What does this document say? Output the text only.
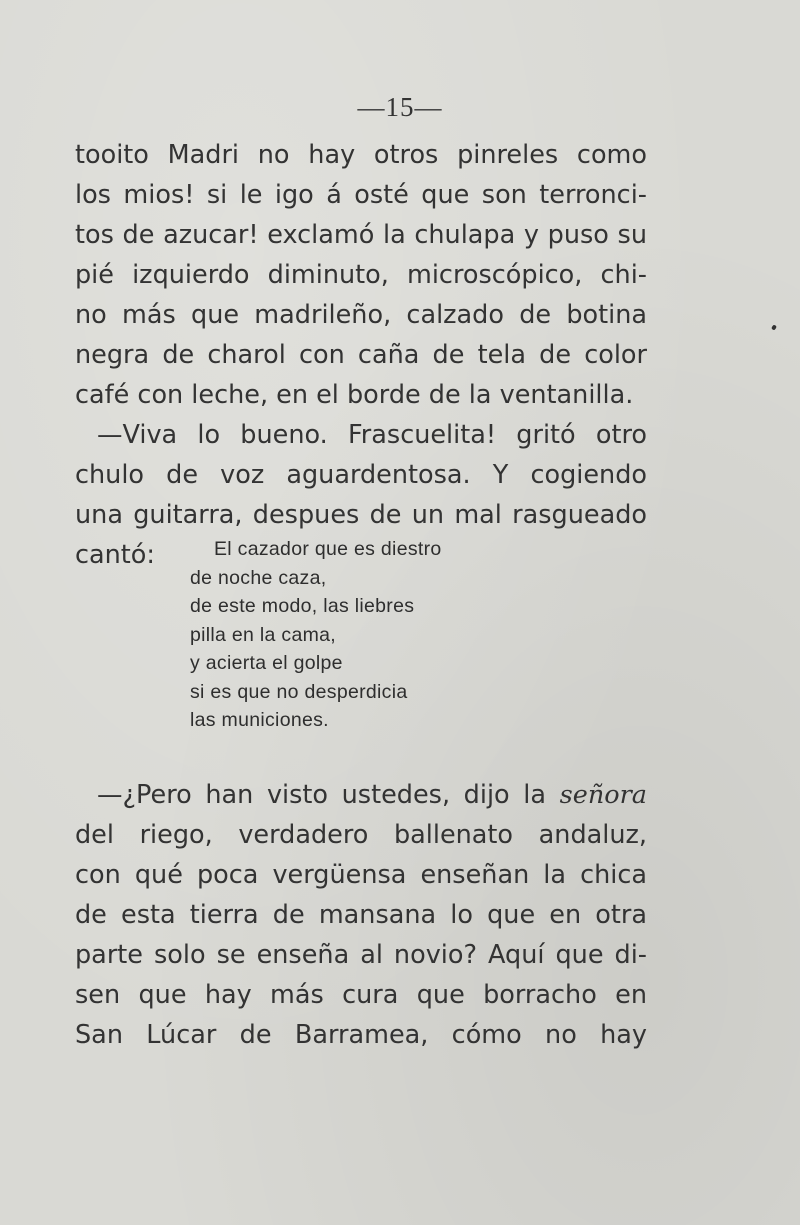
—15—
tooito Madri no hay otros pinreles como
los mios! si le igo á osté que son terronci-
tos de azucar! exclamó la chulapa y puso su
pié izquierdo diminuto, microscópico, chi-
no más que madrileño, calzado de botina
negra de charol con caña de tela de color
café con leche, en el borde de la ventanilla.
—Viva lo bueno. Frascuelita! gritó otro
chulo de voz aguardentosa. Y cogiendo
una guitarra, despues de un mal rasgueado
cantó:	El cazador que es diestro
de noche caza,
de este modo, las liebres
pilla en la cama,
y acierta el golpe
si es que no desperdicia
las municiones.
—¿Pero han visto ustedes, dijo la señora
del riego, verdadero ballenato andaluz,
con qué poca vergüensa enseñan la chica
de esta tierra de mansana lo que en otra
parte solo se enseña al novio? Aquí que di-
sen que hay más cura que borracho en
San Lúcar de Barramea, cómo no hay
